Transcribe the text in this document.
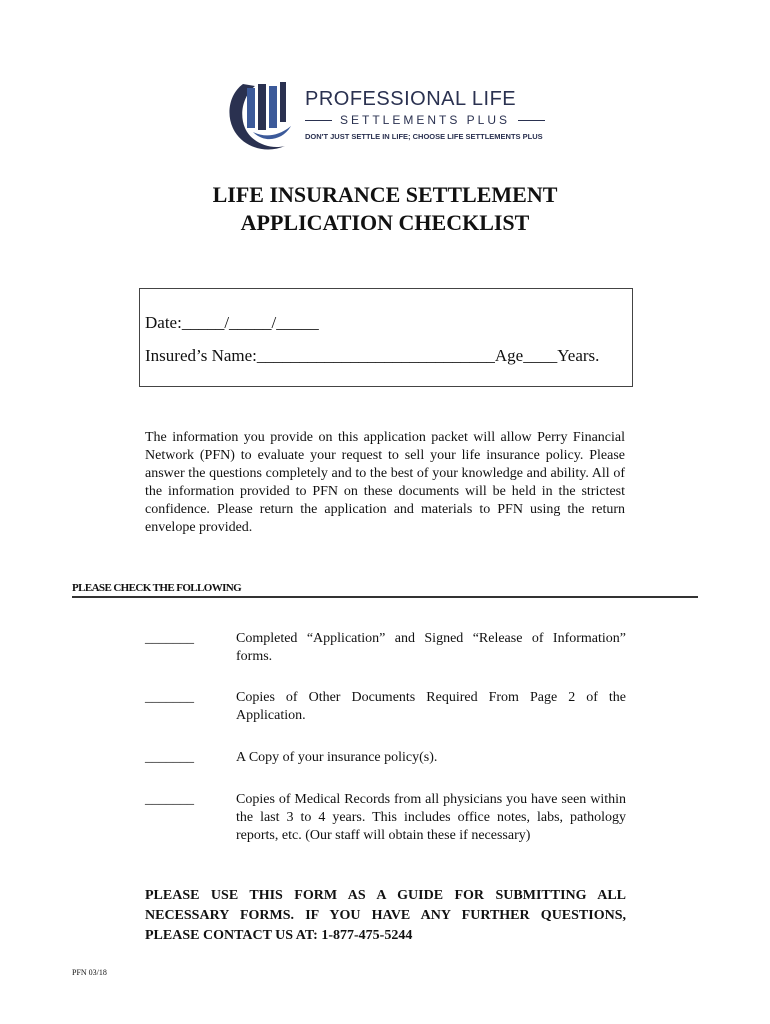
PROFESSIONAL LIFE
SETTLEMENTS PLUS
DON'T JUST SETTLE IN LIFE; CHOOSE LIFE SETTLEMENTS PLUS
LIFE INSURANCE SETTLEMENT
APPLICATION CHECKLIST
Date:_____/_____/_____
Insured’s Name:____________________________Age____Years.
The information you provide on this application packet will allow Perry Financial Network (PFN) to evaluate your request to sell your life insurance policy. Please answer the questions completely and to the best of your knowledge and ability. All of the information provided to PFN on these documents will be held in the strictest confidence. Please return the application and materials to PFN using the return envelope provided.
PLEASE CHECK THE FOLLOWING
_______	Completed “Application” and Signed “Release of Information” forms.
_______	Copies of Other Documents Required From Page 2 of the Application.
_______	A Copy of your insurance policy(s).
_______	Copies of Medical Records from all physicians you have seen within the last 3 to 4 years. This includes office notes, labs, pathology reports, etc. (Our staff will obtain these if necessary)
PLEASE USE THIS FORM AS A GUIDE FOR SUBMITTING ALL NECESSARY FORMS. IF YOU HAVE ANY FURTHER QUESTIONS, PLEASE CONTACT US AT: 1-877-475-5244
PFN 03/18
